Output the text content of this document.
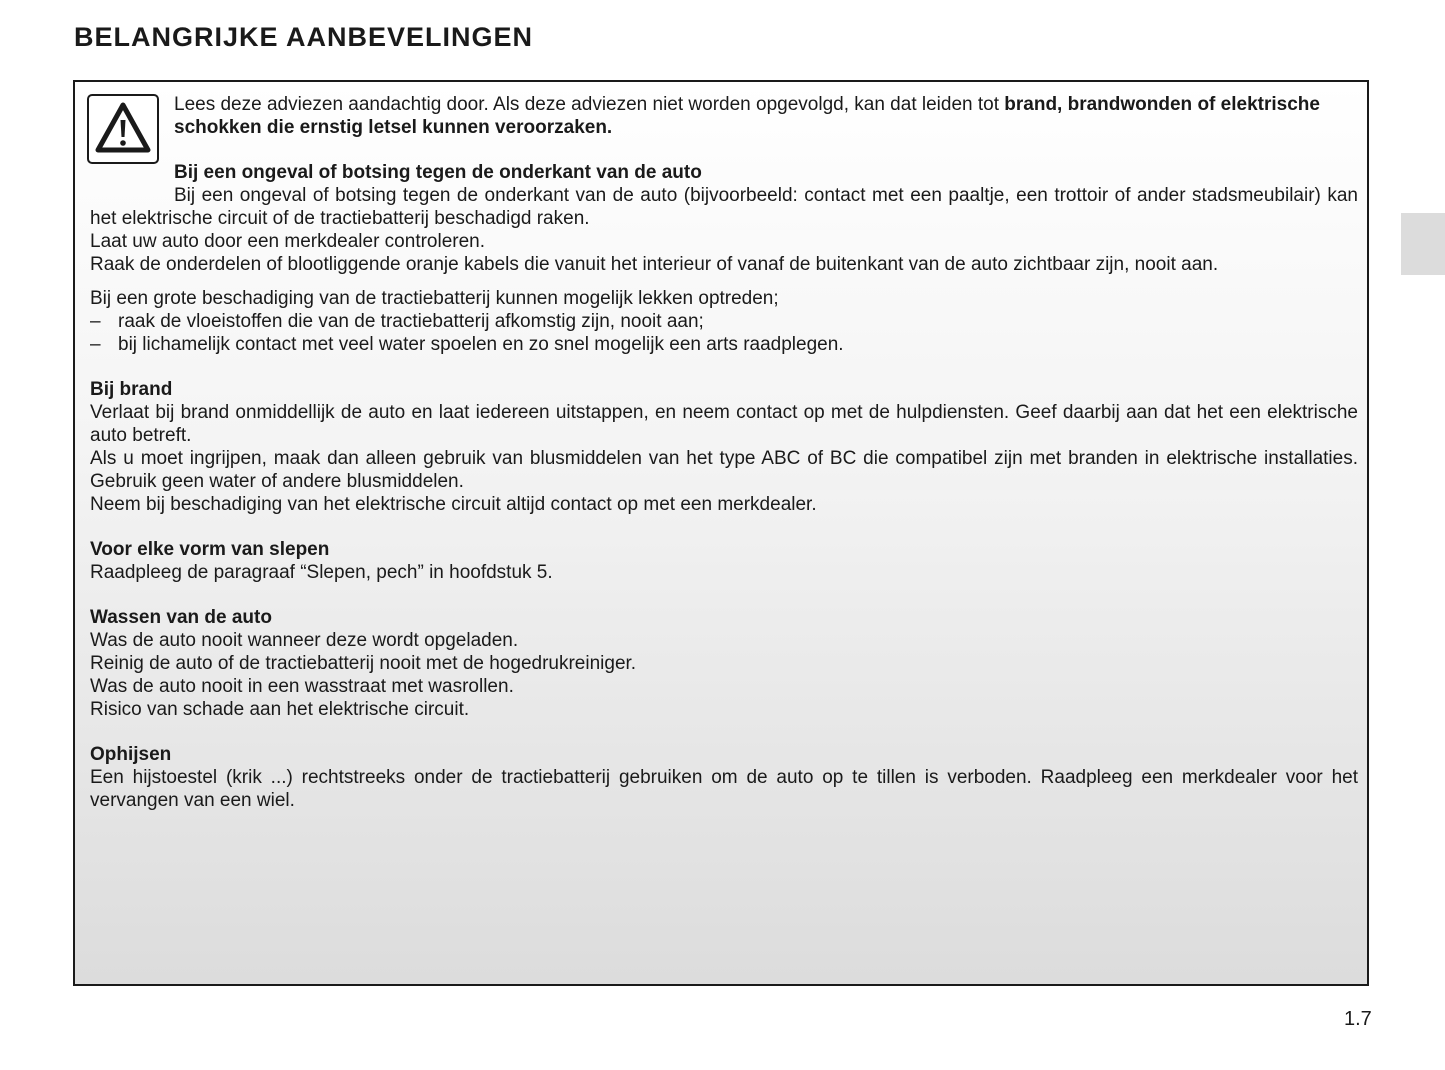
BELANGRIJKE AANBEVELINGEN

Lees deze adviezen aandachtig door. Als deze adviezen niet worden opgevolgd, kan dat leiden tot brand, brandwonden of elektrische schokken die ernstig letsel kunnen veroorzaken.

Bij een ongeval of botsing tegen de onderkant van de auto

Bij een ongeval of botsing tegen de onderkant van de auto (bijvoorbeeld: contact met een paaltje, een trottoir of ander stadsmeubilair) kan het elektrische circuit of de tractiebatterij beschadigd raken.

Laat uw auto door een merkdealer controleren.

Raak de onderdelen of blootliggende oranje kabels die vanuit het interieur of vanaf de buitenkant van de auto zichtbaar zijn, nooit aan.

Bij een grote beschadiging van de tractiebatterij kunnen mogelijk lekken optreden;

– raak de vloeistoffen die van de tractiebatterij afkomstig zijn, nooit aan;
– bij lichamelijk contact met veel water spoelen en zo snel mogelijk een arts raadplegen.

Bij brand

Verlaat bij brand onmiddellijk de auto en laat iedereen uitstappen, en neem contact op met de hulpdiensten. Geef daarbij aan dat het een elektrische auto betreft.

Als u moet ingrijpen, maak dan alleen gebruik van blusmiddelen van het type ABC of BC die compatibel zijn met branden in elektrische installaties. Gebruik geen water of andere blusmiddelen.

Neem bij beschadiging van het elektrische circuit altijd contact op met een merkdealer.

Voor elke vorm van slepen

Raadpleeg de paragraaf “Slepen, pech” in hoofdstuk 5.

Wassen van de auto

Was de auto nooit wanneer deze wordt opgeladen.

Reinig de auto of de tractiebatterij nooit met de hogedrukreiniger.

Was de auto nooit in een wasstraat met wasrollen.

Risico van schade aan het elektrische circuit.

Ophijsen

Een hijstoestel (krik ...) rechtstreeks onder de tractiebatterij gebruiken om de auto op te tillen is verboden. Raadpleeg een merkdealer voor het vervangen van een wiel.

1.7
